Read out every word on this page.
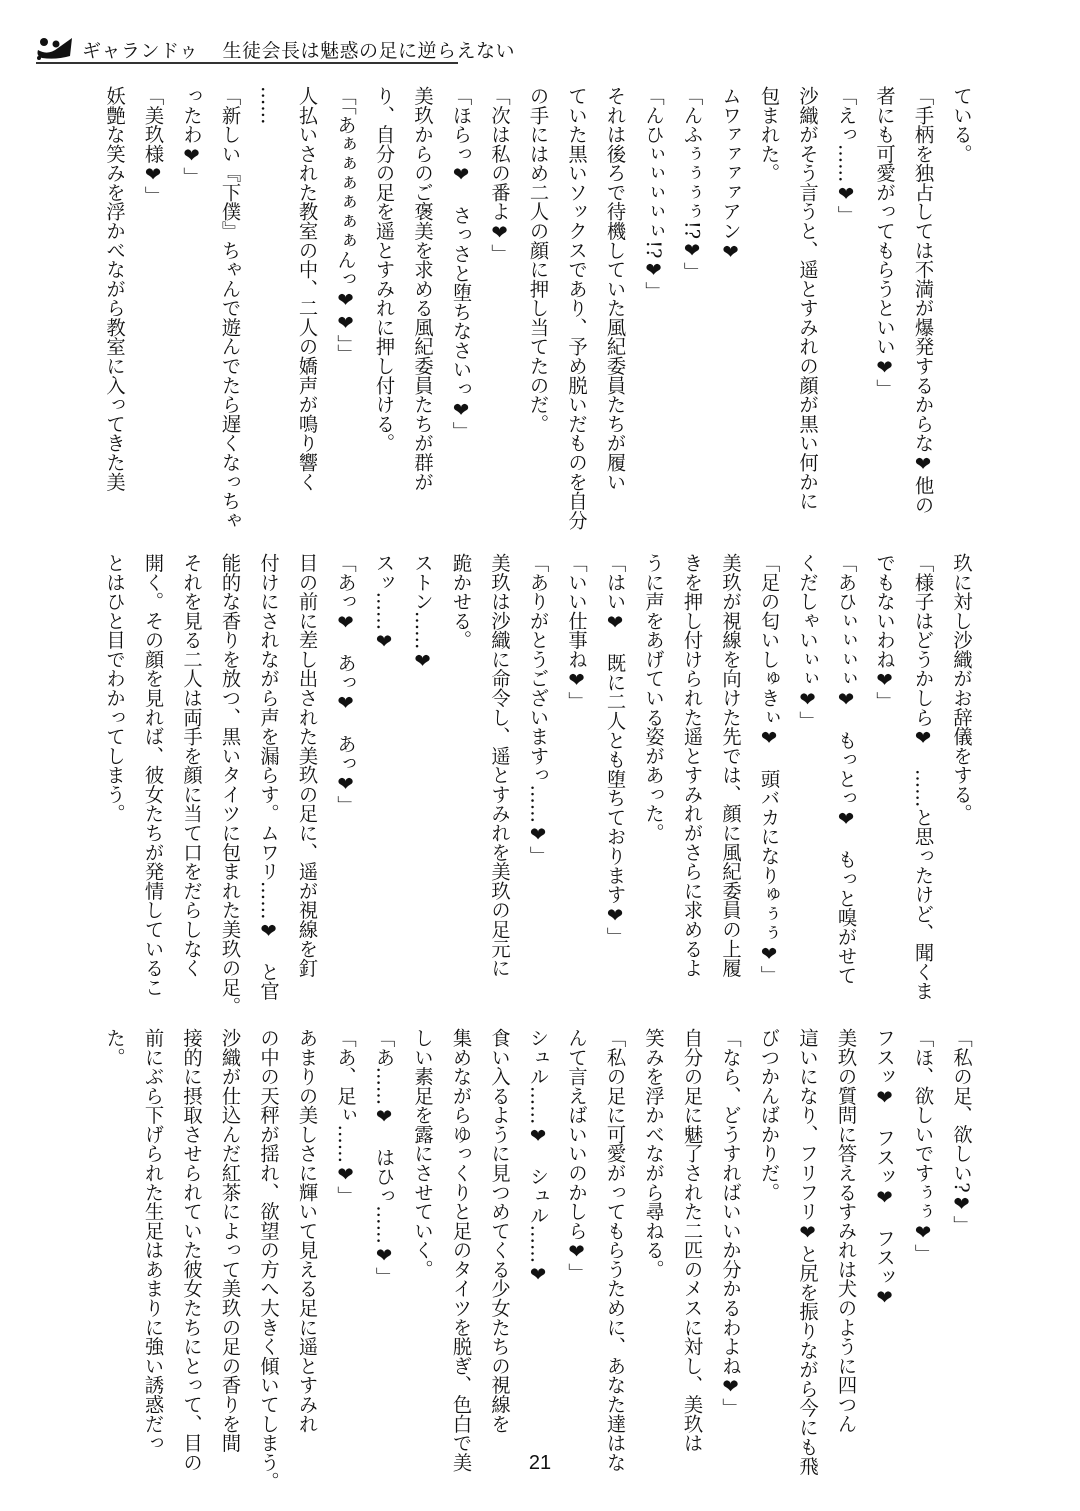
ギャランドゥ 生徒会長は魅惑の足に逆らえない
ている。
「手柄を独占しては不満が爆発するからな❤他の
者にも可愛がってもらうといい❤」
「えっ……❤」
沙織がそう言うと、遥とすみれの顔が黒い何かに
包まれた。
ムワァァァァアン❤
「んふぅぅぅぅ!?❤」
「んひぃぃぃぃぃ!?❤」
それは後ろで待機していた風紀委員たちが履い
ていた黒いソックスであり、予め脱いだものを自分
の手にはめ二人の顔に押し当てたのだ。
「次は私の番よ❤」
「ほらっ❤　さっさと堕ちなさいっ❤」
美玖からのご褒美を求める風紀委員たちが群が
り、自分の足を遥とすみれに押し付ける。
「「あぁぁぁぁぁぁんっ❤❤」」
人払いされた教室の中、二人の嬌声が鳴り響く
……
「新しい『下僕』ちゃんで遊んでたら遅くなっちゃ
ったわ❤」
「美玖様❤」
妖艶な笑みを浮かべながら教室に入ってきた美
玖に対し沙織がお辞儀をする。
「様子はどうかしら❤　……と思ったけど、聞くま
でもないわね❤」
「あひぃぃぃぃ❤　もっとっ❤　もっと嗅がせて
くだしゃいぃぃ❤」
「足の匂いしゅきぃ❤　頭バカになりゅぅぅ❤」
美玖が視線を向けた先では、顔に風紀委員の上履
きを押し付けられた遥とすみれがさらに求めるよ
うに声をあげている姿があった。
「はい❤　既に二人とも堕ちております❤」
「いい仕事ね❤」
「ありがとうございますっ……❤」
美玖は沙織に命令し、遥とすみれを美玖の足元に
跪かせる。
ストン……❤
スッ……❤
「あっ❤　あっ❤　あっ❤」
目の前に差し出された美玖の足に、遥が視線を釘
付けにされながら声を漏らす。ムワリ……❤　と官
能的な香りを放つ、黒いタイツに包まれた美玖の足。
それを見る二人は両手を顔に当て口をだらしなく
開く。その顔を見れば、彼女たちが発情しているこ
とはひと目でわかってしまう。
「私の足、欲しい?❤」
「ほ、欲しいですぅぅ❤」
フスッ❤　フスッ❤　フスッ❤
美玖の質問に答えるすみれは犬のように四つん
這いになり、フリフリ❤と尻を振りながら今にも飛
びつかんばかりだ。
「なら、どうすればいいか分かるわよね❤」
自分の足に魅了された二匹のメスに対し、美玖は
笑みを浮かべながら尋ねる。
「私の足に可愛がってもらうために、あなた達はな
んて言えばいいのかしら❤」
シュル……❤　シュル……❤
食い入るように見つめてくる少女たちの視線を
集めながらゆっくりと足のタイツを脱ぎ、色白で美
しい素足を露にさせていく。
「あ……❤　はひっ……❤」
「あ、足ぃ……❤」
あまりの美しさに輝いて見える足に遥とすみれ
の中の天秤が揺れ、欲望の方へ大きく傾いてしまう。
沙織が仕込んだ紅茶によって美玖の足の香りを間
接的に摂取させられていた彼女たちにとって、目の
前にぶら下げられた生足はあまりに強い誘惑だっ
た。
21
